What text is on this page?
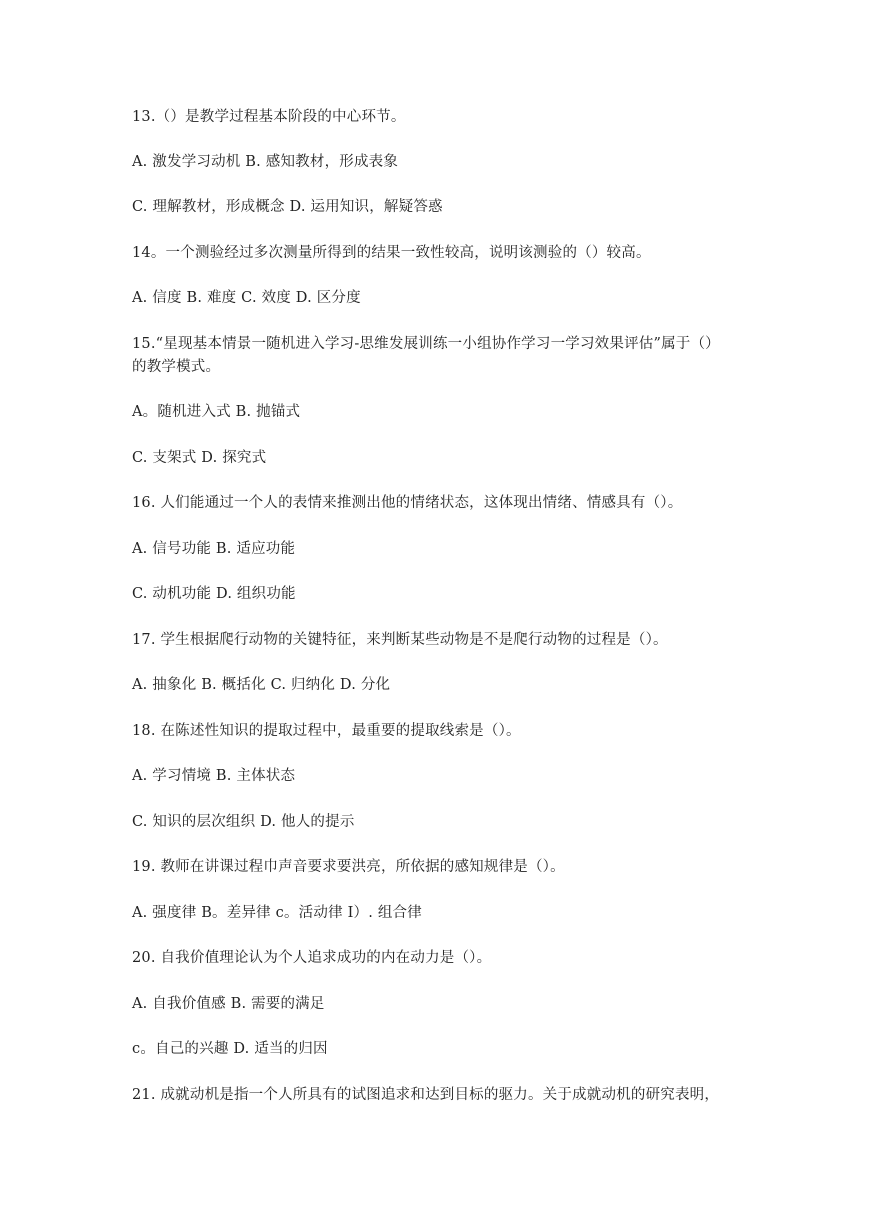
13.（）是教学过程基本阶段的中心环节。
A. 激发学习动机 B. 感知教材，形成表象
C. 理解教材，形成概念 D. 运用知识，解疑答惑
14。一个测验经过多次测量所得到的结果一致性较高，说明该测验的（）较高。
A. 信度 B. 难度 C. 效度 D. 区分度
15.“星现基本情景一随机进入学习-思维发展训练一小组协作学习一学习效果评估”属于（）
的教学模式。
A。随机进入式 B. 抛锚式
C. 支架式 D. 探究式
16. 人们能通过一个人的表情来推测出他的情绪状态，这体现出情绪、情感具有（）。
A. 信号功能 B. 适应功能
C. 动机功能 D. 组织功能
17. 学生根据爬行动物的关键特征，来判断某些动物是不是爬行动物的过程是（）。
A. 抽象化 B. 概括化 C. 归纳化 D. 分化
18. 在陈述性知识的提取过程中，最重要的提取线索是（）。
A. 学习情境 B. 主体状态
C. 知识的层次组织 D. 他人的提示
19. 教师在讲课过程巾声音要求要洪亮，所依据的感知规律是（）。
A. 强度律 B。差异律 c。活动律 I）. 组合律
20. 自我价值理论认为个人追求成功的内在动力是（）。
A. 自我价值感 B. 需要的满足
c。自己的兴趣 D. 适当的归因
21. 成就动机是指一个人所具有的试图追求和达到目标的驱力。关于成就动机的研究表明，
